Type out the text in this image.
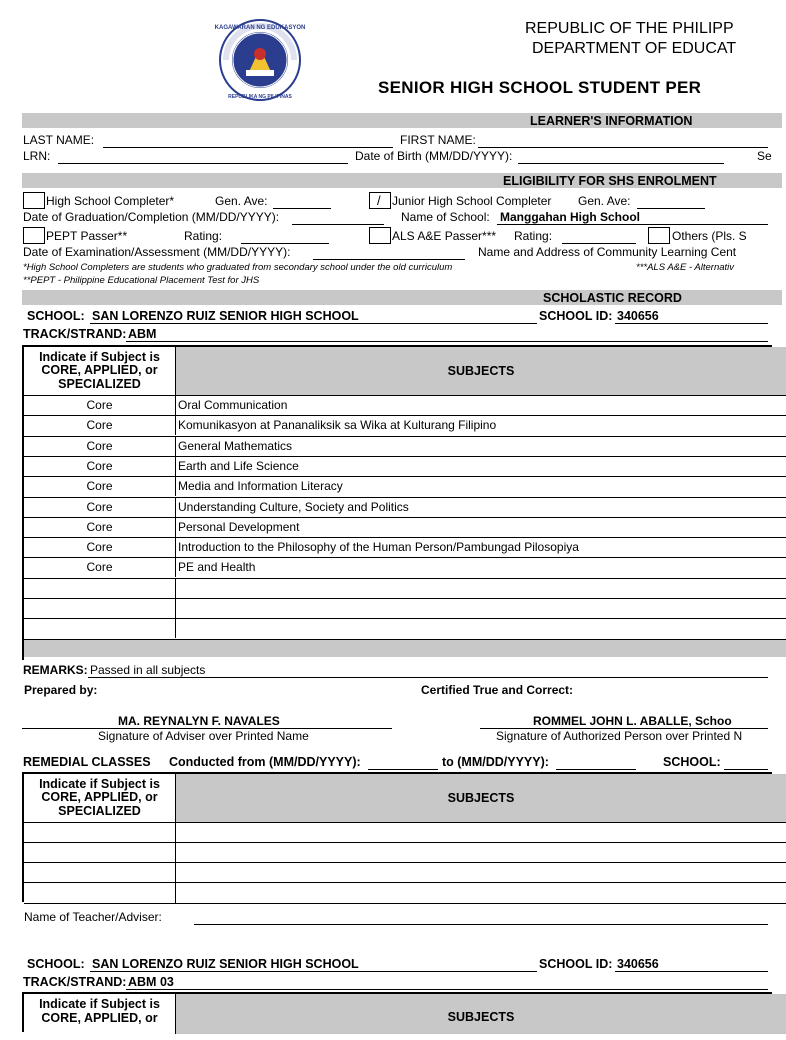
KAGAWARAN NG EDUKASYON
REPUBLIKA NG PILIPINAS
REPUBLIC OF THE PHILIPP
DEPARTMENT OF EDUCAT
SENIOR HIGH SCHOOL STUDENT PER
LEARNER'S INFORMATION
LAST NAME:	FIRST NAME:
LRN:	Date of Birth (MM/DD/YYYY):	Se
ELIGIBILITY FOR SHS ENROLMENT
High School Completer*	Gen. Ave:	/ Junior High School Completer Gen. Ave:
Date of Graduation/Completion (MM/DD/YYYY):	Name of School: Manggahan High School
PEPT Passer**	Rating:	ALS A&E Passer*** Rating:	Others (Pls. S
Date of Examination/Assessment (MM/DD/YYYY):	Name and Address of Community Learning Cent
*High School Completers are students who graduated from secondary school under the old curriculum	***ALS A&E - Alternativ
**PEPT - Philippine Educational Placement Test for JHS
SCHOLASTIC RECORD
SCHOOL: SAN LORENZO RUIZ SENIOR HIGH SCHOOL	SCHOOL ID: 340656
TRACK/STRAND: ABM
Indicate if Subject is CORE, APPLIED, or SPECIALIZED
SUBJECTS
Core	Oral Communication
Core	Komunikasyon at Pananaliksik sa Wika at Kulturang Filipino
Core	General Mathematics
Core	Earth and Life Science
Core	Media and Information Literacy
Core	Understanding Culture, Society and Politics
Core	Personal Development
Core	Introduction to the Philosophy of the Human Person/Pambungad Pilosopiya
Core	PE and Health
REMARKS: Passed in all subjects
Prepared by:	Certified True and Correct:
MA. REYNALYN F. NAVALES
Signature of Adviser over Printed Name
ROMMEL JOHN L. ABALLE, Schoo
Signature of Authorized Person over Printed N
REMEDIAL CLASSES Conducted from (MM/DD/YYYY):	to (MM/DD/YYYY):	SCHOOL:
Indicate if Subject is CORE, APPLIED, or SPECIALIZED
SUBJECTS
Name of Teacher/Adviser:
SCHOOL: SAN LORENZO RUIZ SENIOR HIGH SCHOOL	SCHOOL ID: 340656
TRACK/STRAND: ABM 03
Indicate if Subject is CORE, APPLIED, or	SUBJECTS
